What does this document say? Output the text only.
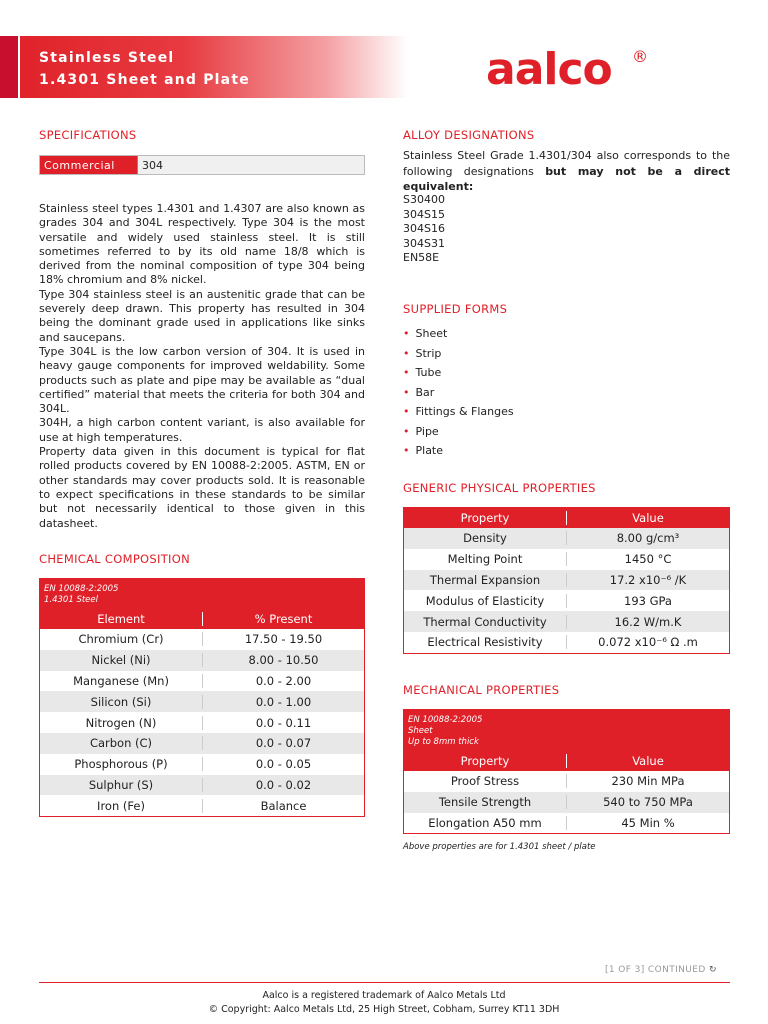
Stainless Steel
1.4301 Sheet and Plate	aalco ®
SPECIFICATIONS
Commercial	304

Stainless steel types 1.4301 and 1.4307 are also known as grades 304 and 304L respectively. Type 304 is the most versatile and widely used stainless steel. It is still sometimes referred to by its old name 18/8 which is derived from the nominal composition of type 304 being 18% chromium and 8% nickel.

Type 304 stainless steel is an austenitic grade that can be severely deep drawn. This property has resulted in 304 being the dominant grade used in applications like sinks and saucepans.

Type 304L is the low carbon version of 304. It is used in heavy gauge components for improved weldability. Some products such as plate and pipe may be available as “dual certified” material that meets the criteria for both 304 and 304L.

304H, a high carbon content variant, is also available for use at high temperatures.

Property data given in this document is typical for flat rolled products covered by EN 10088-2:2005. ASTM, EN or other standards may cover products sold. It is reasonable to expect specifications in these standards to be similar but not necessarily identical to those given in this datasheet.

CHEMICAL COMPOSITION
EN 10088-2:2005
1.4301 Steel
Element	% Present
Chromium (Cr)	17.50 - 19.50
Nickel (Ni)	8.00 - 10.50
Manganese (Mn)	0.0 - 2.00
Silicon (Si)	0.0 - 1.00
Nitrogen (N)	0.0 - 0.11
Carbon (C)	0.0 - 0.07
Phosphorous (P)	0.0 - 0.05
Sulphur (S)	0.0 - 0.02
Iron (Fe)	Balance
ALLOY DESIGNATIONS
Stainless Steel Grade 1.4301/304 also corresponds to the following designations but may not be a direct equivalent:
S30400
304S15
304S16
304S31
EN58E
SUPPLIED FORMS
• Sheet
• Strip
• Tube
• Bar
• Fittings & Flanges
• Pipe
• Plate
GENERIC PHYSICAL PROPERTIES
Property	Value
Density	8.00 g/cm³
Melting Point	1450 °C
Thermal Expansion	17.2 x10⁻⁶ /K
Modulus of Elasticity	193 GPa
Thermal Conductivity	16.2 W/m.K
Electrical Resistivity	0.072 x10⁻⁶ Ω .m
MECHANICAL PROPERTIES
EN 10088-2:2005
Sheet
Up to 8mm thick
Property	Value
Proof Stress	230 Min MPa
Tensile Strength	540 to 750 MPa
Elongation A50 mm	45 Min %
Above properties are for 1.4301 sheet / plate
[1 OF 3] CONTINUED ↻
Aalco is a registered trademark of Aalco Metals Ltd
© Copyright: Aalco Metals Ltd, 25 High Street, Cobham, Surrey KT11 3DH
